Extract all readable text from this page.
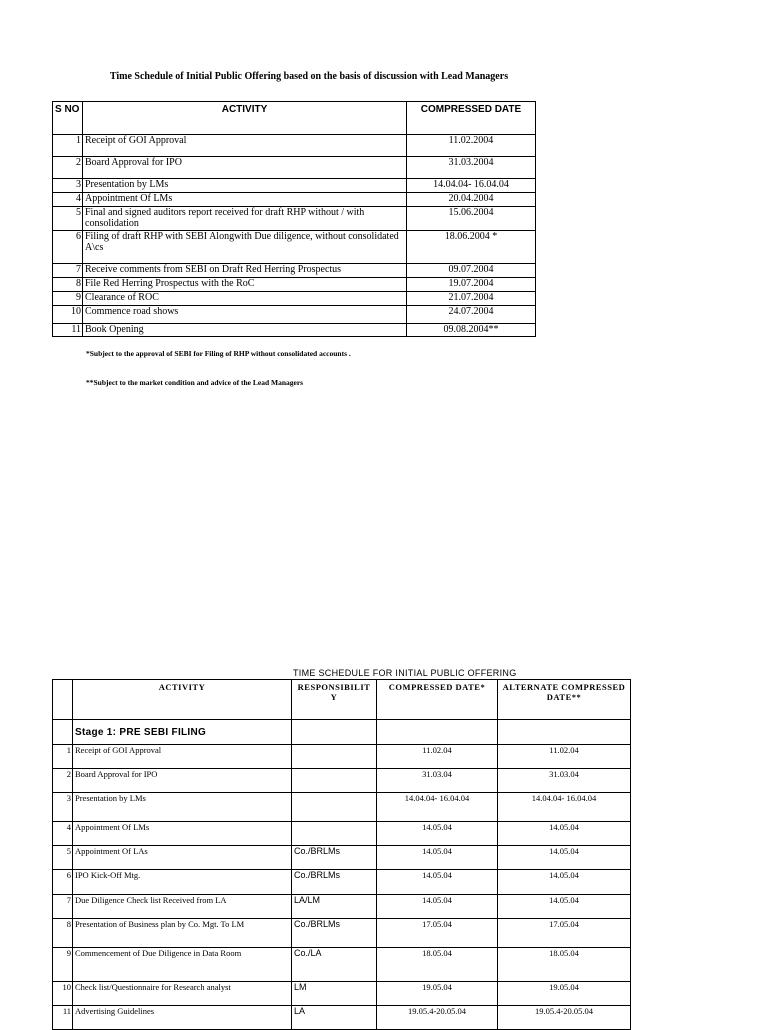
Time Schedule of Initial Public Offering based on the basis of discussion with Lead Managers
S NO	ACTIVITY	COMPRESSED DATE
1	Receipt of GOI Approval	11.02.2004
2	Board Approval for IPO	31.03.2004
3	Presentation by LMs	14.04.04- 16.04.04
4	Appointment Of LMs	20.04.2004
5	Final and signed auditors report received for draft RHP without / with consolidation	15.06.2004
6	Filing of draft RHP with SEBI Alongwith Due diligence, without consolidated A\cs	18.06.2004 *
7	Receive comments from SEBI on Draft Red Herring Prospectus	09.07.2004
8	File Red Herring Prospectus with the RoC	19.07.2004
9	Clearance of ROC	21.07.2004
10	Commence road shows	24.07.2004
11	Book Opening	09.08.2004**
*Subject to the approval of SEBI for Filing of RHP without consolidated accounts .
**Subject to the market condition and advice of the Lead Managers
TIME SCHEDULE FOR INITIAL PUBLIC OFFERING
	ACTIVITY	RESPONSIBILIT Y	COMPRESSED DATE*	ALTERNATE COMPRESSED DATE**
	Stage 1: PRE SEBI FILING			
1	Receipt of GOI Approval		11.02.04	11.02.04
2	Board Approval for IPO		31.03.04	31.03.04
3	Presentation by LMs		14.04.04- 16.04.04	14.04.04- 16.04.04
4	Appointment Of LMs		14.05.04	14.05.04
5	Appointment Of LAs	Co./BRLMs	14.05.04	14.05.04
6	IPO Kick-Off Mtg.	Co./BRLMs	14.05.04	14.05.04
7	Due Diligence Check list Received from LA	LA/LM	14.05.04	14.05.04
8	Presentation of Business plan by Co. Mgt. To LM	Co./BRLMs	17.05.04	17.05.04
9	Commencement of Due Diligence in Data Room	Co./LA	18.05.04	18.05.04
10	Check list/Questionnaire for Research analyst	LM	19.05.04	19.05.04
11	Advertising Guidelines	LA	19.05.4-20.05.04	19.05.4-20.05.04
